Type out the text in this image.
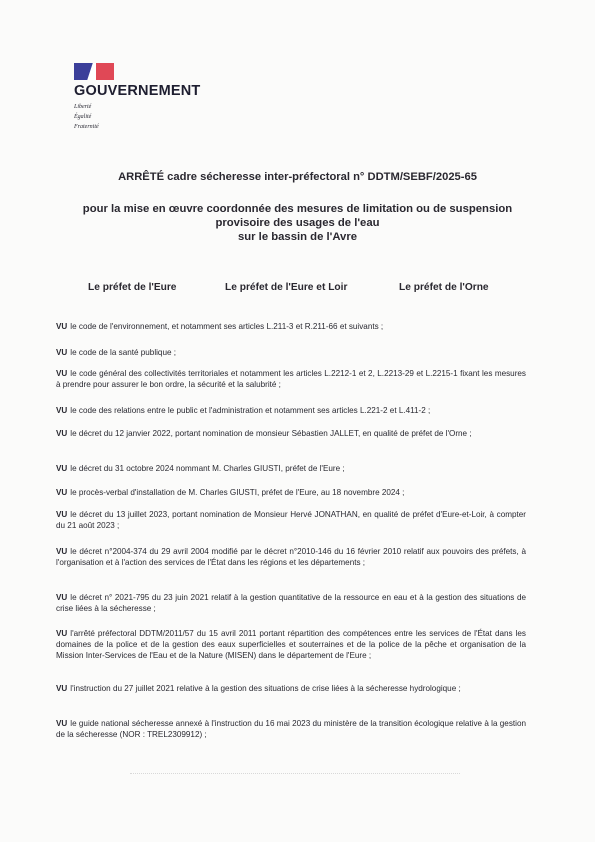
GOUVERNEMENT
Liberté
Égalité
Fraternité
ARRÊTÉ cadre sécheresse inter-préfectoral n° DDTM/SEBF/2025-65
pour la mise en œuvre coordonnée des mesures de limitation ou de suspension
provisoire des usages de l'eau
sur le bassin de l'Avre
Le préfet de l'Eure	Le préfet de l'Eure et Loir	Le préfet de l'Orne
VU le code de l'environnement, et notamment ses articles L.211-3 et R.211-66 et suivants ;
VU le code de la santé publique ;
VU le code général des collectivités territoriales et notamment les articles L.2212-1 et 2, L.2213-29 et L.2215-1 fixant les mesures à prendre pour assurer le bon ordre, la sécurité et la salubrité ;
VU le code des relations entre le public et l'administration et notamment ses articles L.221-2 et L.411-2 ;
VU le décret du 12 janvier 2022, portant nomination de monsieur Sébastien JALLET, en qualité de préfet de l'Orne ;
VU le décret du 31 octobre 2024 nommant M. Charles GIUSTI, préfet de l'Eure ;
VU le procès-verbal d'installation de M. Charles GIUSTI, préfet de l'Eure, au 18 novembre 2024 ;
VU le décret du 13 juillet 2023, portant nomination de Monsieur Hervé JONATHAN, en qualité de préfet d'Eure-et-Loir, à compter du 21 août 2023 ;
VU le décret n°2004-374 du 29 avril 2004 modifié par le décret n°2010-146 du 16 février 2010 relatif aux pouvoirs des préfets, à l'organisation et à l'action des services de l'État dans les régions et les départements ;
VU le décret n° 2021-795 du 23 juin 2021 relatif à la gestion quantitative de la ressource en eau et à la gestion des situations de crise liées à la sécheresse ;
VU l'arrêté préfectoral DDTM/2011/57 du 15 avril 2011 portant répartition des compétences entre les services de l'État dans les domaines de la police et de la gestion des eaux superficielles et souterraines et de la police de la pêche et organisation de la Mission Inter-Services de l'Eau et de la Nature (MISEN) dans le département de l'Eure ;
VU l'instruction du 27 juillet 2021 relative à la gestion des situations de crise liées à la sécheresse hydrologique ;
VU le guide national sécheresse annexé à l'instruction du 16 mai 2023 du ministère de la transition écologique relative à la gestion de la sécheresse (NOR : TREL2309912) ;
